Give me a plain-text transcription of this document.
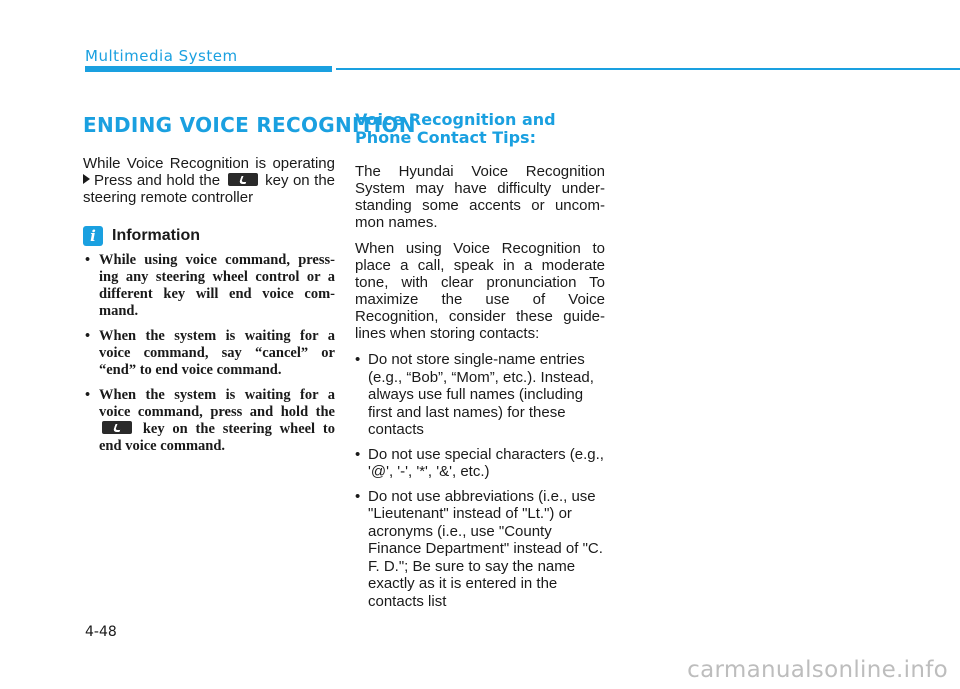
Multimedia System
ENDING VOICE RECOGNITION
While Voice Recognition is operating
Press and hold the	key on the
steering remote controller
i	Information
• While using voice command, press-ing any steering wheel control or a different key will end voice com-mand.
• When the system is waiting for a voice command, say “cancel” or “end” to end voice command.
• When the system is waiting for a voice command, press and hold the  key on the steering wheel to end voice command.
Voice Recognition and Phone Contact Tips:

The Hyundai Voice Recognition System may have difficulty under-standing some accents or uncom-mon names.

When using Voice Recognition to place a call, speak in a moderate tone, with clear pronunciation To maximize the use of Voice Recognition, consider these guide-lines when storing contacts:

• Do not store single-name entries (e.g., “Bob”, “Mom”, etc.). Instead, always use full names (including first and last names) for these contacts
• Do not use special characters (e.g., '@', '-', '*', '&', etc.)
• Do not use abbreviations (i.e., use "Lieutenant" instead of "Lt.") or acronyms (i.e., use "County Finance Department" instead of "C. F. D."; Be sure to say the name exactly as it is entered in the contacts list
4-48
carmanualsonline.info
